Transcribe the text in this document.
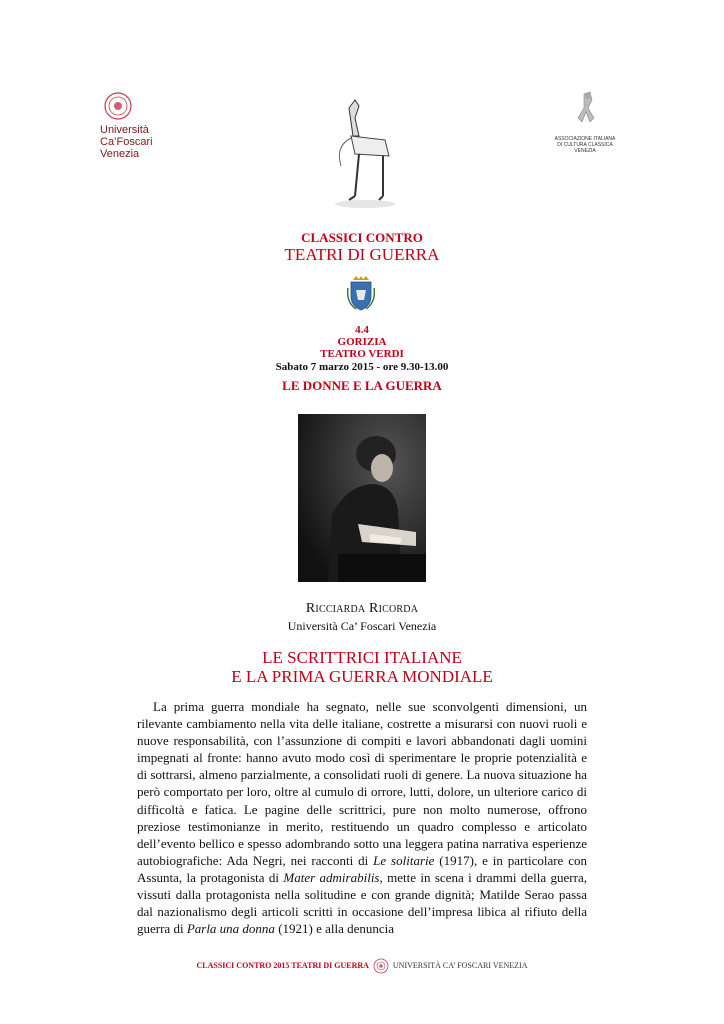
Università
Ca’Foscari
Venezia
ASSOCIAZIONE ITALIANA
DI CULTURA CLASSICA
VENEZIA
CLASSICI CONTRO
TEATRI DI GUERRA
4.4
GORIZIA
TEATRO VERDI
Sabato 7 marzo 2015 - ore 9.30-13.00
LE DONNE E LA GUERRA
Ricciarda Ricorda
Università Ca’ Foscari Venezia
LE SCRITTRICI ITALIANE
E LA PRIMA GUERRA MONDIALE
La prima guerra mondiale ha segnato, nelle sue sconvolgenti dimensioni, un rilevante cambiamento nella vita delle italiane, costrette a misurarsi con nuovi ruoli e nuove responsabilità, con l’assunzione di compiti e lavori abbandonati dagli uomini impegnati al fronte: hanno avuto modo così di sperimentare le proprie potenzialità e di sottrarsi, almeno parzialmente, a consolidati ruoli di genere. La nuova situazione ha però comportato per loro, oltre al cumulo di orrore, lutti, dolore, un ulteriore carico di difficoltà e fatica. Le pagine delle scrittrici, pure non molto numerose, offrono preziose testimonianze in merito, restituendo un quadro complesso e articolato dell’evento bellico e spesso adombrando sotto una leggera patina narrativa esperienze autobiografiche: Ada Negri, nei racconti di Le solitarie (1917), e in particolare con Assunta, la protagonista di Mater admirabilis, mette in scena i drammi della guerra, vissuti dalla protagonista nella solitudine e con grande dignità; Matilde Serao passa dal nazionalismo degli articoli scritti in occasione dell’impresa libica al rifiuto della guerra di Parla una donna (1921) e alla denuncia
CLASSICI CONTRO 2015 TEATRI DI GUERRA	UNIVERSITÀ CA’ FOSCARI VENEZIA
